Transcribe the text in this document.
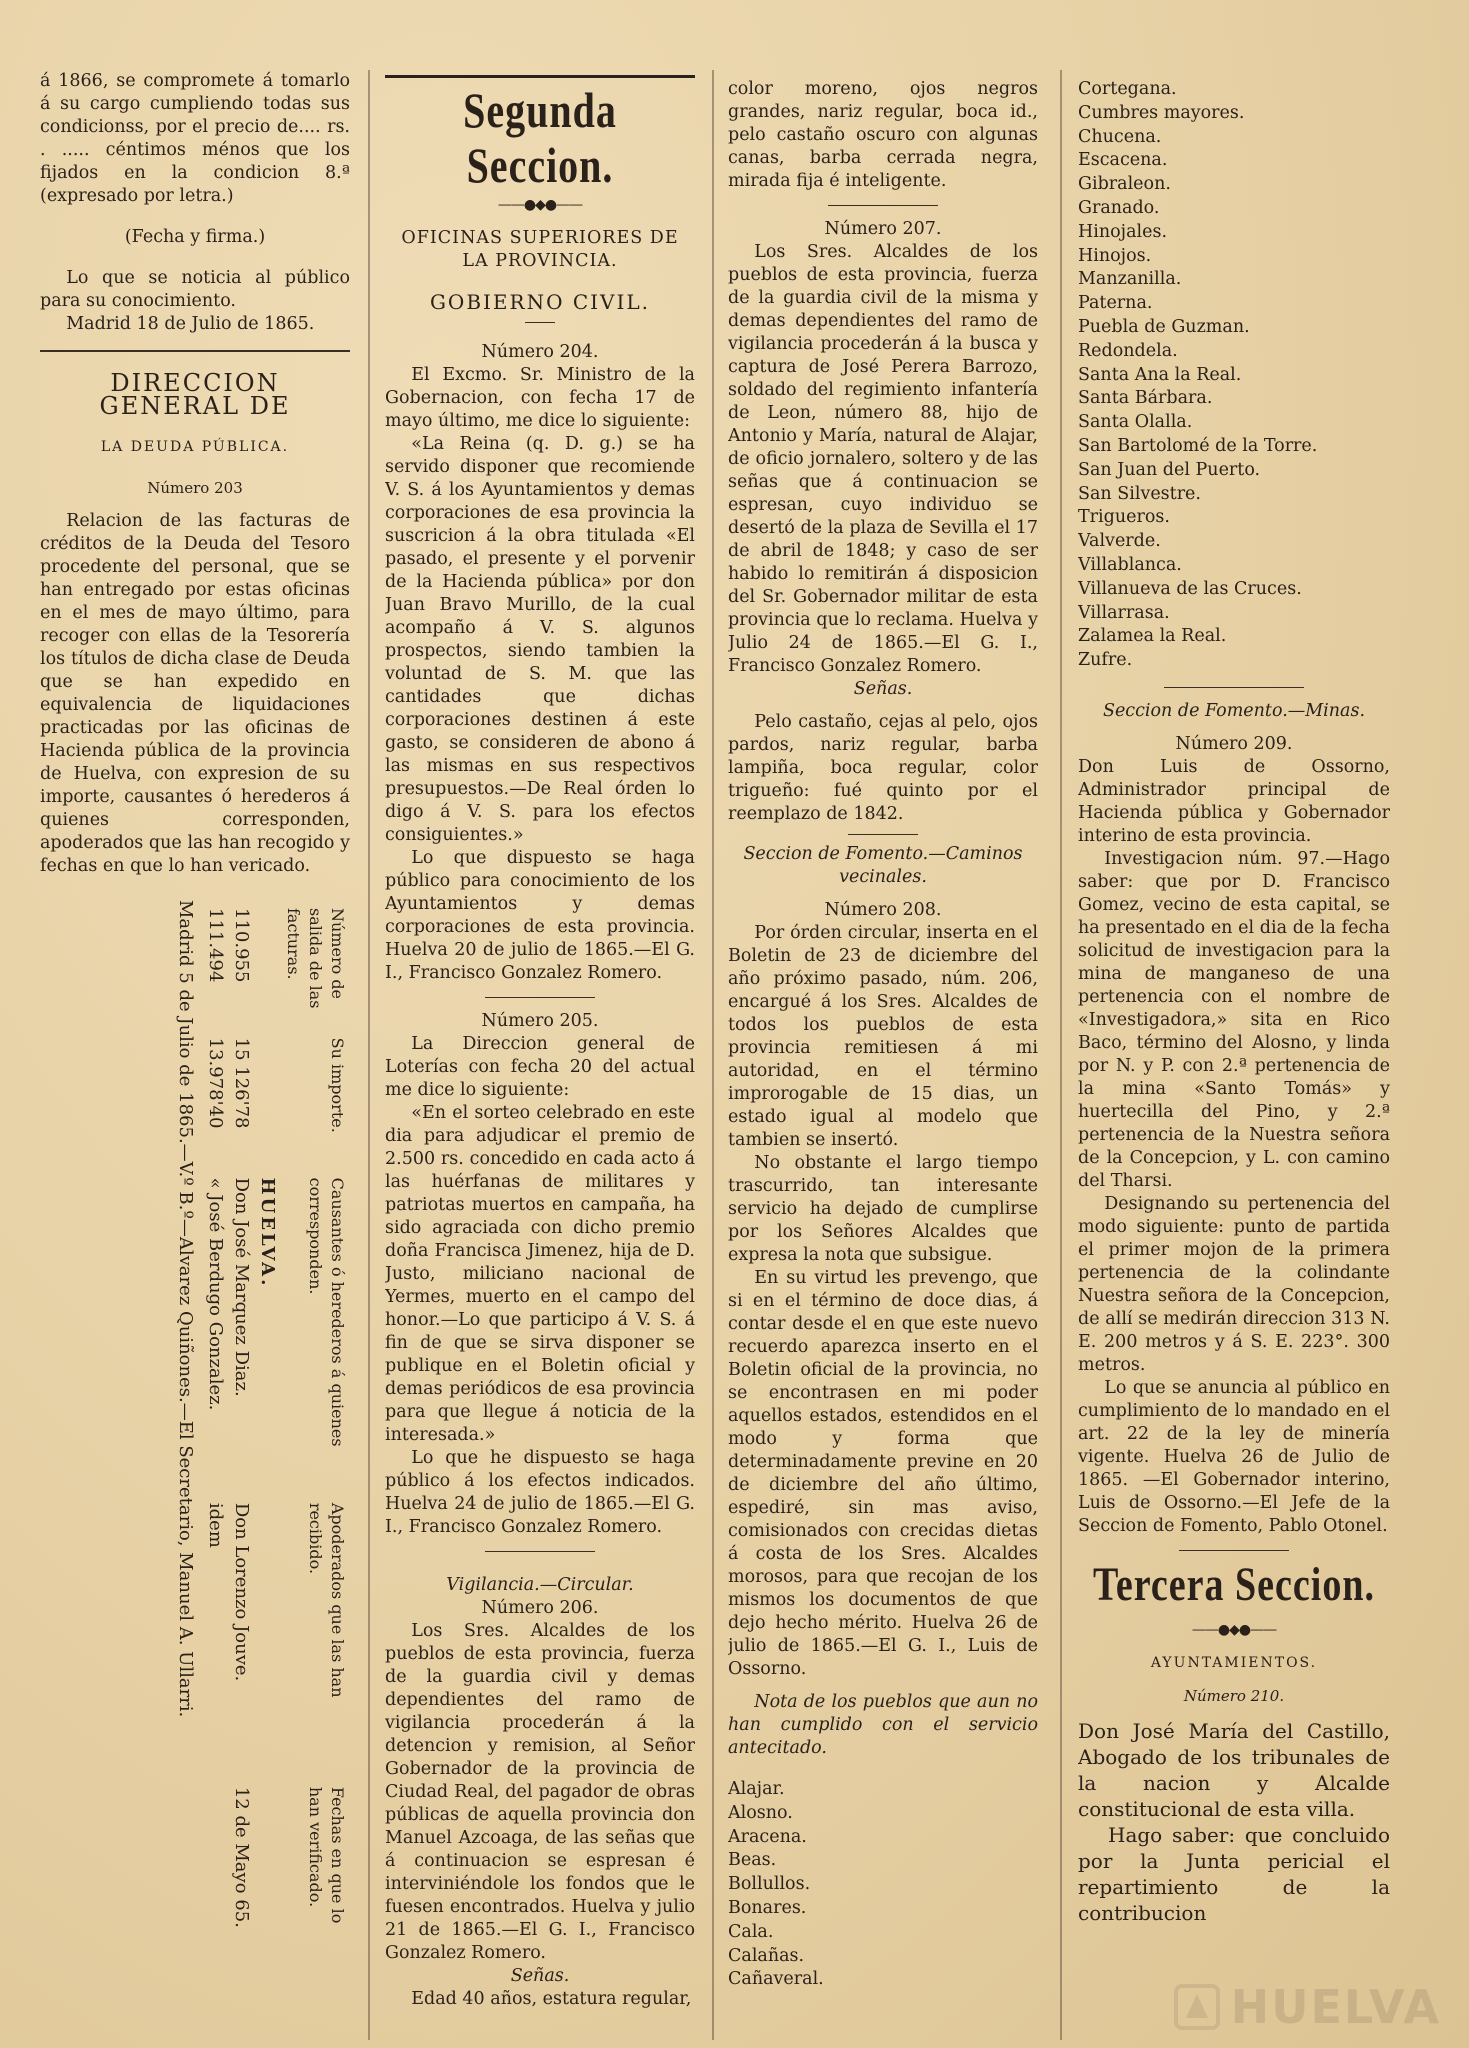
á 1866, se compromete á tomarlo á su cargo cumpliendo todas sus condicionss, por el precio de.... rs. . ..... céntimos ménos que los fijados en la condicion 8.ª (expresado por letra.)

(Fecha y firma.)

Lo que se noticia al público para su conocimiento.

Madrid 18 de Julio de 1865.

DIRECCION GENERAL DE
LA DEUDA PÚBLICA.
Número 203

Relacion de las facturas de créditos de la Deuda del Tesoro procedente del personal, que se han entregado por estas oficinas en el mes de mayo último, para recoger con ellas de la Tesorería los títulos de dicha clase de Deuda que se han expedido en equivalencia de liquidaciones practicadas por las oficinas de Hacienda pública de la provincia de Huelva, con expresion de su importe, causantes ó herederos á quienes corresponden, apoderados que las han recogido y fechas en que lo han vericado.

Número de salida de las facturas.	Su importe.	Causantes ó herederos á quienes corresponden.	Apoderados que las han recibido.	Fechas en que lo han verificado.
		HUELVA.		
110.955	15 126'78	Don José Marquez Diaz.	Don Lorenzo Jouve.	12 de Mayo 65.
111.494	13.978'40	« José Berdugo Gonzalez.	idem	
Madrid 5 de Julio de 1865.—V.º B.º—Alvarez Quiñones.—El Secretario, Manuel A. Ullarri.
Segunda Seccion.
——●◆●——
OFICINAS SUPERIORES DE LA PROVINCIA.
GOBIERNO CIVIL.
Número 204.

El Excmo. Sr. Ministro de la Gobernacion, con fecha 17 de mayo último, me dice lo siguiente:

«La Reina (q. D. g.) se ha servido disponer que recomiende V. S. á los Ayuntamientos y demas corporaciones de esa provincia la suscricion á la obra titulada «El pasado, el presente y el porvenir de la Hacienda pública» por don Juan Bravo Murillo, de la cual acompaño á V. S. algunos prospectos, siendo tambien la voluntad de S. M. que las cantidades que dichas corporaciones destinen á este gasto, se consideren de abono á las mismas en sus respectivos presupuestos.—De Real órden lo digo á V. S. para los efectos consiguientes.»

Lo que dispuesto se haga público para conocimiento de los Ayuntamientos y demas corporaciones de esta provincia. Huelva 20 de julio de 1865.—El G. I., Francisco Gonzalez Romero.

Número 205.

La Direccion general de Loterías con fecha 20 del actual me dice lo siguiente:

«En el sorteo celebrado en este dia para adjudicar el premio de 2.500 rs. concedido en cada acto á las huérfanas de militares y patriotas muertos en campaña, ha sido agraciada con dicho premio doña Francisca Jimenez, hija de D. Justo, miliciano nacional de Yermes, muerto en el campo del honor.—Lo que participo á V. S. á fin de que se sirva disponer se publique en el Boletin oficial y demas periódicos de esa provincia para que llegue á noticia de la interesada.»

Lo que he dispuesto se haga público á los efectos indicados. Huelva 24 de julio de 1865.—El G. I., Francisco Gonzalez Romero.

Vigilancia.—Circular.
Número 206.

Los Sres. Alcaldes de los pueblos de esta provincia, fuerza de la guardia civil y demas dependientes del ramo de vigilancia procederán á la detencion y remision, al Señor Gobernador de la provincia de Ciudad Real, del pagador de obras públicas de aquella provincia don Manuel Azcoaga, de las señas que á continuacion se espresan é interviniéndole los fondos que le fuesen encontrados. Huelva y julio 21 de 1865.—El G. I., Francisco Gonzalez Romero.

Señas.

Edad 40 años, estatura regular,

color moreno, ojos negros grandes, nariz regular, boca id., pelo castaño oscuro con algunas canas, barba cerrada negra, mirada fija é inteligente.

Número 207.

Los Sres. Alcaldes de los pueblos de esta provincia, fuerza de la guardia civil de la misma y demas dependientes del ramo de vigilancia procederán á la busca y captura de José Perera Barrozo, soldado del regimiento infantería de Leon, número 88, hijo de Antonio y María, natural de Alajar, de oficio jornalero, soltero y de las señas que á continuacion se espresan, cuyo individuo se desertó de la plaza de Sevilla el 17 de abril de 1848; y caso de ser habido lo remitirán á disposicion del Sr. Gobernador militar de esta provincia que lo reclama. Huelva y Julio 24 de 1865.—El G. I., Francisco Gonzalez Romero.

Señas.

Pelo castaño, cejas al pelo, ojos pardos, nariz regular, barba lampiña, boca regular, color trigueño: fué quinto por el reemplazo de 1842.

Seccion de Fomento.—Caminos vecinales.
Número 208.

Por órden circular, inserta en el Boletin de 23 de diciembre del año próximo pasado, núm. 206, encargué á los Sres. Alcaldes de todos los pueblos de esta provincia remitiesen á mi autoridad, en el término improrogable de 15 dias, un estado igual al modelo que tambien se insertó.

No obstante el largo tiempo trascurrido, tan interesante servicio ha dejado de cumplirse por los Señores Alcaldes que expresa la nota que subsigue.

En su virtud les prevengo, que si en el término de doce dias, á contar desde el en que este nuevo recuerdo aparezca inserto en el Boletin oficial de la provincia, no se encontrasen en mi poder aquellos estados, estendidos en el modo y forma que determinadamente previne en 20 de diciembre del año último, espediré, sin mas aviso, comisionados con crecidas dietas á costa de los Sres. Alcaldes morosos, para que recojan de los mismos los documentos de que dejo hecho mérito. Huelva 26 de julio de 1865.—El G. I., Luis de Ossorno.

Nota de los pueblos que aun no han cumplido con el servicio antecitado.

Alajar.
Alosno.
Aracena.
Beas.
Bollullos.
Bonares.
Cala.
Calañas.
Cañaveral.
Cortegana.
Cumbres mayores.
Chucena.
Escacena.
Gibraleon.
Granado.
Hinojales.
Hinojos.
Manzanilla.
Paterna.
Puebla de Guzman.
Redondela.
Santa Ana la Real.
Santa Bárbara.
Santa Olalla.
San Bartolomé de la Torre.
San Juan del Puerto.
San Silvestre.
Trigueros.
Valverde.
Villablanca.
Villanueva de las Cruces.
Villarrasa.
Zalamea la Real.
Zufre.
Seccion de Fomento.—Minas.
Número 209.

Don Luis de Ossorno, Administrador principal de Hacienda pública y Gobernador interino de esta provincia.

Investigacion núm. 97.—Hago saber: que por D. Francisco Gomez, vecino de esta capital, se ha presentado en el dia de la fecha solicitud de investigacion para la mina de manganeso de una pertenencia con el nombre de «Investigadora,» sita en Rico Baco, término del Alosno, y linda por N. y P. con 2.ª pertenencia de la mina «Santo Tomás» y huertecilla del Pino, y 2.ª pertenencia de la Nuestra señora de la Concepcion, y L. con camino del Tharsi.

Designando su pertenencia del modo siguiente: punto de partida el primer mojon de la primera pertenencia de la colindante Nuestra señora de la Concepcion, de allí se medirán direccion 313 N. E. 200 metros y á S. E. 223°. 300 metros.

Lo que se anuncia al público en cumplimiento de lo mandado en el art. 22 de la ley de minería vigente. Huelva 26 de Julio de 1865. —El Gobernador interino, Luis de Ossorno.—El Jefe de la Seccion de Fomento, Pablo Otonel.

Tercera Seccion.
——●◆●——
AYUNTAMIENTOS.
Número 210.

Don José María del Castillo, Abogado de los tribunales de la nacion y Alcalde constitucional de esta villa.

Hago saber: que concluido por la Junta pericial el repartimiento de la contribucion

HUELVA
